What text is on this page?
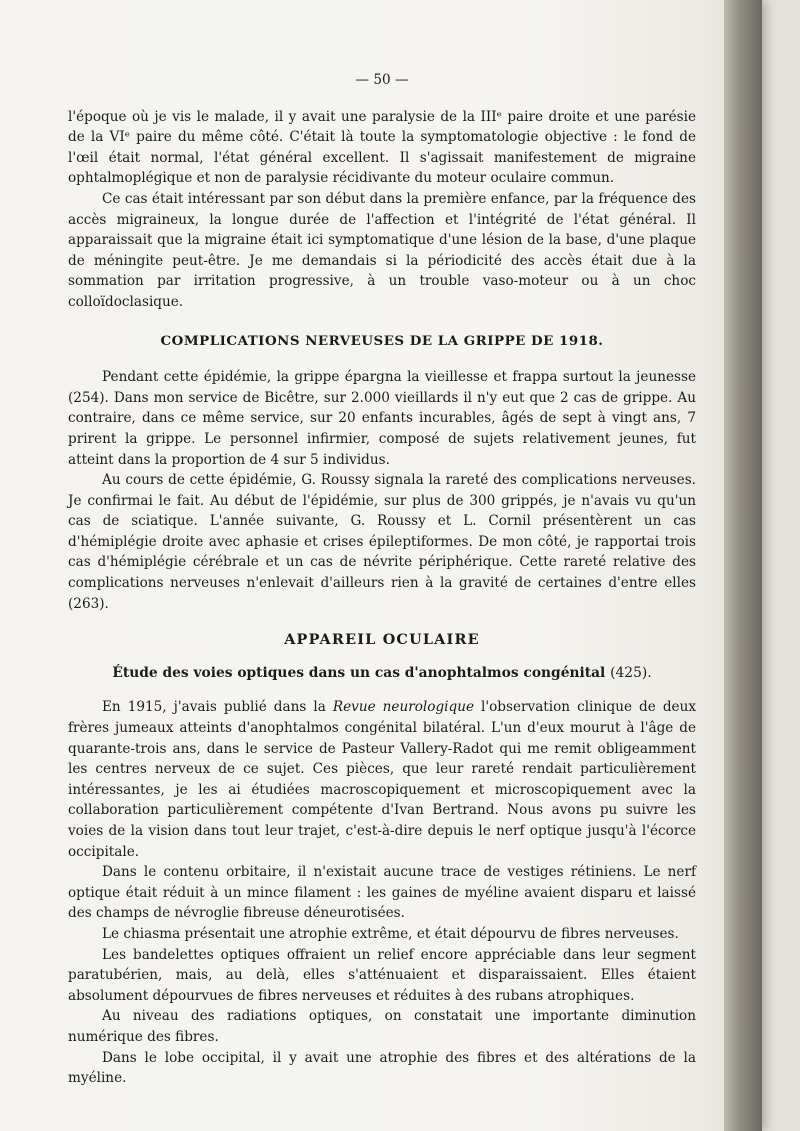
— 50 —

l'époque où je vis le malade, il y avait une paralysie de la IIIᵉ paire droite et une parésie de la VIᵉ paire du même côté. C'était là toute la symptomatologie objective : le fond de l'œil était normal, l'état général excellent. Il s'agissait manifestement de migraine ophtalmoplégique et non de paralysie récidivante du moteur oculaire commun.

Ce cas était intéressant par son début dans la première enfance, par la fréquence des accès migraineux, la longue durée de l'affection et l'intégrité de l'état général. Il apparaissait que la migraine était ici symptomatique d'une lésion de la base, d'une plaque de méningite peut-être. Je me demandais si la périodicité des accès était due à la sommation par irritation progressive, à un trouble vaso-moteur ou à un choc colloïdoclasique.

COMPLICATIONS NERVEUSES DE LA GRIPPE DE 1918.

Pendant cette épidémie, la grippe épargna la vieillesse et frappa surtout la jeunesse (254). Dans mon service de Bicêtre, sur 2.000 vieillards il n'y eut que 2 cas de grippe. Au contraire, dans ce même service, sur 20 enfants incurables, âgés de sept à vingt ans, 7 prirent la grippe. Le personnel infirmier, composé de sujets relativement jeunes, fut atteint dans la proportion de 4 sur 5 individus.

Au cours de cette épidémie, G. Roussy signala la rareté des complications nerveuses. Je confirmai le fait. Au début de l'épidémie, sur plus de 300 grippés, je n'avais vu qu'un cas de sciatique. L'année suivante, G. Roussy et L. Cornil présentèrent un cas d'hémiplégie droite avec aphasie et crises épileptiformes. De mon côté, je rapportai trois cas d'hémiplégie cérébrale et un cas de névrite périphérique. Cette rareté relative des complications nerveuses n'enlevait d'ailleurs rien à la gravité de certaines d'entre elles (263).

APPAREIL OCULAIRE
Étude des voies optiques dans un cas d'anophtalmos congénital (425).

En 1915, j'avais publié dans la Revue neurologique l'observation clinique de deux frères jumeaux atteints d'anophtalmos congénital bilatéral. L'un d'eux mourut à l'âge de quarante-trois ans, dans le service de Pasteur Vallery-Radot qui me remit obligeamment les centres nerveux de ce sujet. Ces pièces, que leur rareté rendait particulièrement intéressantes, je les ai étudiées macroscopiquement et microscopiquement avec la collaboration particulièrement compétente d'Ivan Bertrand. Nous avons pu suivre les voies de la vision dans tout leur trajet, c'est-à-dire depuis le nerf optique jusqu'à l'écorce occipitale.

Dans le contenu orbitaire, il n'existait aucune trace de vestiges rétiniens. Le nerf optique était réduit à un mince filament : les gaines de myéline avaient disparu et laissé des champs de névroglie fibreuse déneurotisées.

Le chiasma présentait une atrophie extrême, et était dépourvu de fibres nerveuses.

Les bandelettes optiques offraient un relief encore appréciable dans leur segment paratubérien, mais, au delà, elles s'atténuaient et disparaissaient. Elles étaient absolument dépourvues de fibres nerveuses et réduites à des rubans atrophiques.

Au niveau des radiations optiques, on constatait une importante diminution numérique des fibres.

Dans le lobe occipital, il y avait une atrophie des fibres et des altérations de la myéline.
